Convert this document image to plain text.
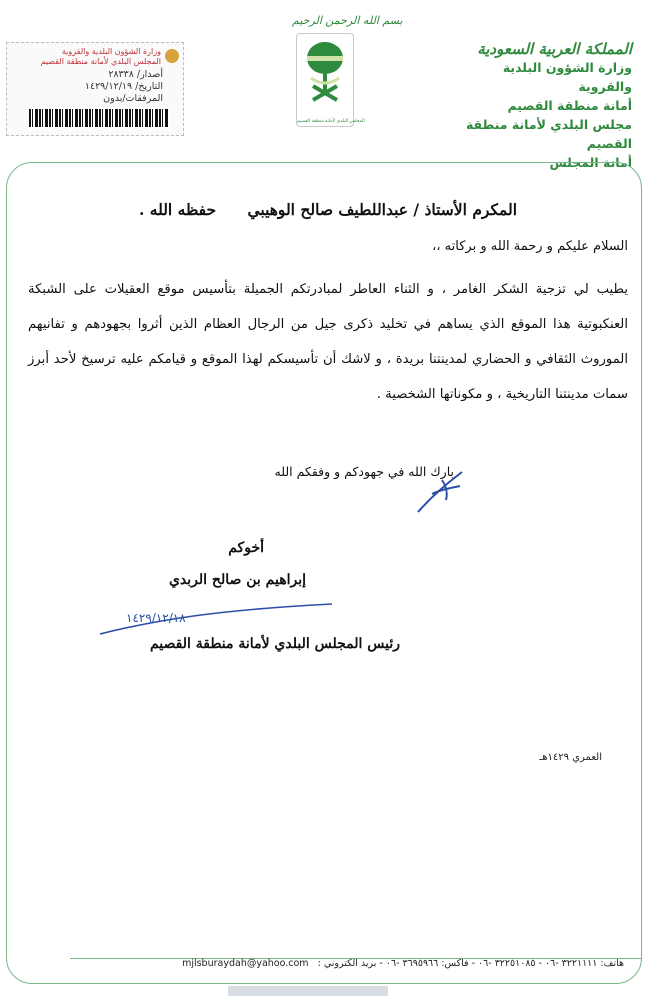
المملكة العربية السعودية
وزارة الشؤون البلدية والقروية
أمانة منطقة القصيم
مجلس البلدي لأمانة منطقة القصيم
أمانة المجلس
بسم الله الرحمن الرحيم
المجلس البلدي لأمانة منطقة القصيم
وزارة الشؤون البلدية والقروية
المجلس البلدي لأمانة منطقة القصيم
أصدار/ ٢٨٣٣٨
التاريخ/ ١٤٢٩/١٢/١٩
المرفقات/بدون

المكرم الأستاذ / عبداللطيف صالح الوهيبي حفظه الله .

السلام عليكم و رحمة الله و بركاته ،،

يطيب لي تزجية الشكر الغامر ، و الثناء العاطر لمبادرتكم الجميلة بتأسيس موقع العقيلات على الشبكة العنكبوتية هذا الموقع الذي يساهم في تخليد ذكرى جيل من الرجال العظام الذين أثروا بجهودهم و تفانيهم الموروث الثقافي و الحضاري لمدينتنا بريدة ، و لاشك أن تأسيسكم لهذا الموقع و قيامكم عليه ترسيخ لأحد أبرز سمات مدينتنا التاريخية ، و مكوناتها الشخصية .

بارك الله في جهودكم و وفقكم الله
أخوكم
إبراهيم بن صالح الربدي
١٤٢٩/١٢/١٨
رئيس المجلس البلدي لأمانة منطقة القصيم
العمري ١٤٢٩هـ
هاتف: ٣٢٢١١١١ -٠٦ - ٣٢٢٥١٠٨٥ -٠٦ - فاكس: ٣٦٩٥٩٦٦ -٠٦ - بريد الكتروني : mjlsburaydah@yahoo.com
